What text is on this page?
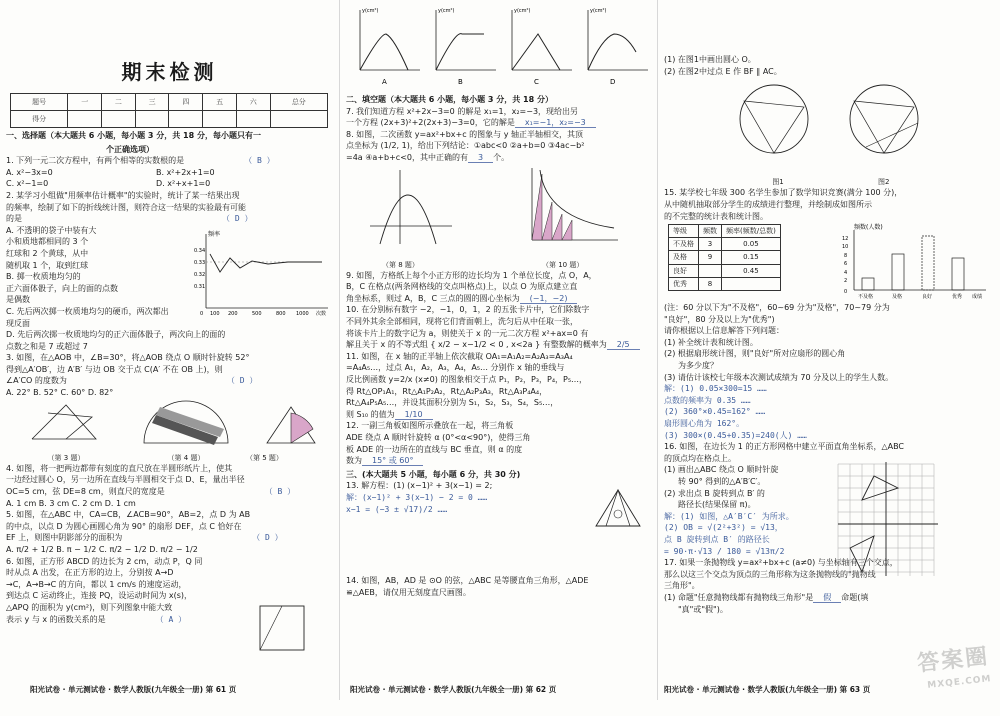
期末检测
题号	一	二	三	四	五	六	总分
得分							

一、选择题（本大题共 6 小题，每小题 3 分，共 18 分，每小题只有一

个正确选项）

1. 下列一元二次方程中，有两个相等的实数根的是	（ B ）

A. x²−3x=0	B. x²+2x+1=0

C. x²−1=0	D. x²+x+1=0

2. 某学习小组做"用频率估计概率"的实验时，统计了某一结果出现

的频率，绘制了如下的折线统计图，则符合这一结果的实验最有可能

的是	（ D ）

A. 不透明的袋子中装有大

小和质地都相同的 3 个

红球和 2 个黄球，从中

随机取 1 个，取到红球

B. 掷一枚质地均匀的

正六面体骰子，向上的面的点数

是偶数

C. 先后两次掷一枚质地均匀的硬币，两次都出

现反面

D. 先后两次掷一枚质地均匀的正六面体骰子，两次向上的面的

点数之和是 7 或超过 7

频率
0.34
0.33
0.32
0.31
0 100 200	500	800 1000 次数

3. 如图，在△AOB 中，∠B=30°，将△AOB 绕点 O 顺时针旋转 52°

得到△A′OB′，边 A′B′ 与边 OB 交于点 C(A′ 不在 OB 上)，则

∠A′CO 的度数为	（ D ）

A. 22° B. 52° C. 60° D. 82°

（第 3 题）	（第 4 题）	（第 5 题）

4. 如图，将一把两边都带有刻度的直尺放在半圆形纸片上，使其

一边经过圆心 O，另一边所在直线与半圆相交于点 D、E，量出半径

OC=5 cm，弦 DE=8 cm，则直尺的宽度是	（ B ）

A. 1 cm B. 3 cm C. 2 cm D. 1 cm

5. 如图，在△ABC 中，CA=CB，∠ACB=90°，AB=2，点 D 为 AB

的中点，以点 D 为圆心画圆心角为 90° 的扇形 DEF，点 C 恰好在

EF 上，则图中阴影部分的面积为	（ D ）

A. π/2 + 1/2 B. π − 1/2 C. π/2 − 1/2 D. π/2 − 1/2

6. 如图，正方形 ABCD 的边长为 2 cm，动点 P，Q 同

时从点 A 出发，在正方形的边上，分别按 A→D

→C，A→B→C 的方向，都以 1 cm/s 的速度运动，

到达点 C 运动终止，连接 PQ，设运动时间为 x(s)，

△APQ 的面积为 y(cm²)，则下列图象中能大致

表示 y 与 x 的函数关系的是	（ A ）

阳光试卷 · 单元测试卷 · 数学人教版(九年级全一册) 第 61 页
y(cm²)
A
y(cm²)
B
y(cm²)
C
y(cm²)
D

二、填空题（本大题共 6 小题，每小题 3 分，共 18 分）

7. 我们知道方程 x²+2x−3=0 的解是 x₁=1，x₂=−3，现给出另

一个方程 (2x+3)²+2(2x+3)−3=0，它的解是 x₁=−1，x₂=−3

8. 如图，二次函数 y=ax²+bx+c 的图象与 y 轴正半轴相交，其顶

点坐标为 (1/2, 1)，给出下列结论：①abc<0 ②a+b=0 ③4ac−b²

=4a ④a+b+c<0，其中正确的有 3 个。

（第 8 题）	（第 10 题）

9. 如图，方格纸上每个小正方形的边长均为 1 个单位长度，点 O，A，

B，C 在格点(两条网格线的交点叫格点)上，以点 O 为原点建立直

角坐标系，则过 A，B，C 三点的圆的圆心坐标为 (−1，−2)

10. 在分别标有数字 −2，−1，0，1，2 的五张卡片中，它们除数字

不同外其余全部相同，现将它们背面朝上，洗匀后从中任取一张，

将该卡片上的数字记为 a，则使关于 x 的一元二次方程 x²+ax=0 有

解且关于 x 的不等式组 { x/2 − x−1/2 < 0 , x<2a } 有整数解的概率为 2/5

11. 如图，在 x 轴的正半轴上依次截取 OA₁=A₁A₂=A₂A₃=A₃A₄

=A₄A₅…，过点 A₁，A₂，A₃，A₄，A₅… 分别作 x 轴的垂线与

反比例函数 y=2/x (x≠0) 的图象相交于点 P₁，P₂，P₃，P₄，P₅…，

得 Rt△OP₁A₁，Rt△A₁P₂A₂，Rt△A₂P₃A₃，Rt△A₃P₄A₄，

Rt△A₄P₅A₅…，并设其面积分别为 S₁，S₂，S₃，S₄，S₅…，

则 S₁₀ 的值为 1/10

12. 一副三角板如图所示叠放在一起，将三角板

ADE 绕点 A 顺时针旋转 α (0°<α<90°)，使得三角

板 ADE 的一边所在的直线与 BC 垂直，则 α 的度

数为 15° 或 60°

三、(本大题共 5 小题，每小题 6 分，共 30 分)

13. 解方程：(1) (x−1)² + 3(x−1) = 2;

解：(x−1)² + 3(x−1) − 2 = 0 ……

x−1 = (−3 ± √17)/2 ……

14. 如图，AB，AD 是 ⊙O 的弦，△ABC 是等腰直角三角形，△ADE

≌△AEB，请仅用无刻度直尺画图。

阳光试卷 · 单元测试卷 · 数学人教版(九年级全一册) 第 62 页

(1) 在图1中画出圆心 O。

(2) 在图2中过点 E 作 BF ∥ AC。

图1	图2

15. 某学校七年级 300 名学生参加了数学知识竞赛(满分 100 分)，

从中随机抽取部分学生的成绩进行整理，并绘制成如图所示

的不完整的统计表和统计图。

等级	频数	频率(频数/总数)
不及格	3	0.05
及格	9	0.15
良好		0.45
优秀	8	
频数(人数)
12
10
8
6
4
2
0
不及格	及格	良好	优秀 成绩

(注：60 分以下为"不及格"，60~69 分为"及格"，70~79 分为

"良好"，80 分及以上为"优秀")

请你根据以上信息解答下列问题：

(1) 补全统计表和统计图。

(2) 根据扇形统计图，则"良好"所对应扇形的圆心角

为多少度？

(3) 请估计该校七年级本次测试成绩为 70 分及以上的学生人数。

解：(1) 0.05×300=15 ……

点数的频率为 0.35 ……

(2) 360°×0.45=162° ……

扇形圆心角为 162°。

(3) 300×(0.45+0.35)=240(人) ……

16. 如图，在边长为 1 的正方形网格中建立平面直角坐标系，△ABC

的顶点均在格点上。

(1) 画出△ABC 绕点 O 顺时针旋

转 90° 得到的△A′B′C′。

(2) 求出点 B 旋转到点 B′ 的

路径长(结果保留 π)。

解：(1) 如图，△A′B′C′ 为所求。

(2) OB = √(2²+3²) = √13，

点 B 旋转到点 B′ 的路径长

= 90·π·√13 / 180 = √13π/2

17. 如果一条抛物线 y=ax²+bx+c (a≠0) 与坐标轴有三个交点，

那么以这三个交点为顶点的三角形称为这条抛物线的"抛物线

三角形"。

(1) 命题"任意抛物线都有抛物线三角形"是 假 命题(填

"真"或"假")。

阳光试卷 · 单元测试卷 · 数学人教版(九年级全一册) 第 63 页
答案圈
MXQE.COM
